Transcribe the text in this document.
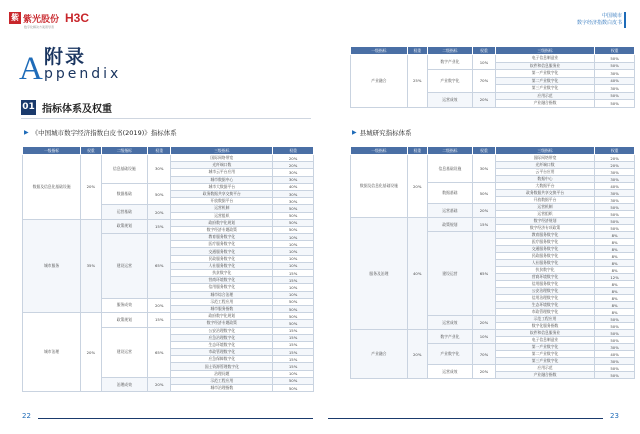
紫 紫光股份 H3C
数字化解决方案领导者
附录
A ppendix
01 指标体系及权重
▶ 《中国城市数字经济指数白皮书(2019)》指标体系
一级指标	权重	二级指标	权重	三级指标	权重
数据及信息化基础设施	20%	信息基础设施	30%	国际网络带宽	20%
				光纤端口数	20%
				城市云平台应用	30%
				城市数据中心	30%
		数据基础	50%	城市大数据平台	40%
				政务数据共享交换平台	30%
				开放数据平台	30%
		运营基础	20%	运营机制	50%
				运营组织	50%
城市服务	35%	政策规划	15%	政府数字化规划	50%
				数字经济专题政策	50%
		建设运营	65%	教育服务数字化	10%
				医疗服务数字化	10%
				交通服务数字化	10%
				民政服务数字化	10%
				人社服务数字化	10%
				扶贫数字化	15%
				营商环境数字化	15%
				信用服务数字化	10%
				城市综合治理	10%
		服务成效	20%	示范工程应用	50%
				城市服务指数	50%
城市治理	20%	政策规划	15%	政府数字化规划	50%
				数字经济专题政策	50%
		建设运营	65%	公安治理数字化	15%
				应急治理数字化	15%
				生态环境数字化	15%
				市政管理数字化	15%
				应急保障数字化	15%
				国土资源管理数字化	15%
				治理问题	10%
		治理成效	20%	示范工程应用	50%
				城市治理指数	50%
22
中国城市
数字经济指数白皮书
一级指标	权重	二级指标	权重	三级指标	权重
产业融合	25%	数字产业化	10%	电子信息制造业	50%
				软件和信息服务业	50%
		产业数字化	70%	第一产业数字化	30%
				第二产业数字化	40%
				第三产业数字化	30%
		运营成效	20%	应用示范	50%
				产业融合指数	50%
▶ 县城研究指标体系
一级指标	权重	二级指标	权重	三级指标	权重
数据及信息化基础设施	20%	信息基础设施	30%	国际网络带宽	20%
				光纤端口数	20%
				云平台应用	30%
				数据中心	30%
		数据基础	50%	大数据平台	40%
				政务数据共享交换平台	30%
				开放数据平台	30%
		运营基础	20%	运营机制	50%
				运营组织	50%
服务及治理	40%	政策规划	15%	数字经济规划	50%
				数字经济专项政策	50%
		建设运营	65%	教育服务数字化	8%
				医疗服务数字化	8%
				交通服务数字化	8%
				民政服务数字化	8%
				人社服务数字化	8%
				扶贫数字化	8%
				营商环境数字化	12%
				信用服务数字化	8%
				公安治理数字化	8%
				信用治理数字化	8%
				生态环境数字化	8%
				市政管理数字化	8%
		运营成效	20%	示范工程应用	50%
				数字化服务指数	50%
产业融合	20%	数字产业化	10%	软件和信息服务业	50%
				电子信息制造业	50%
		产业数字化	70%	第一产业数字化	30%
				第二产业数字化	40%
				第三产业数字化	30%
		运营成效	20%	应用示范	50%
				产业融合指数	50%
23
